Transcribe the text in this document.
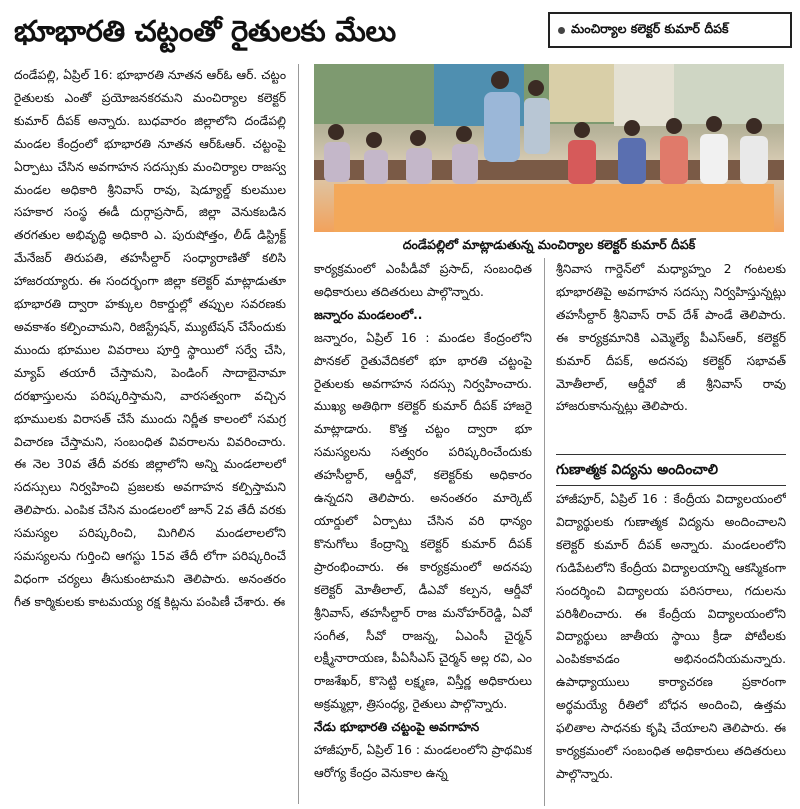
భూభారతి చట్టంతో రైతులకు మేలు	మంచిర్యాల కలెక్టర్ కుమార్ దీపక్

దండేపల్లి, ఏప్రిల్ 16: భూభారతి నూతన ఆర్ఓ ఆర్. చట్టం రైతులకు ఎంతో ప్రయోజనకరమని మంచిర్యాల కలెక్టర్ కుమార్ దీపక్ అన్నారు. బుధవారం జిల్లాలోని దండేపల్లి మండల కేంద్రంలో భూభారతి నూతన ఆర్ఓఆర్. చట్టంపై ఏర్పాటు చేసిన అవగాహన సదస్సుకు మంచిర్యాల రాజస్వ మండల అధికారి శ్రీనివాస్ రావు, షెడ్యూల్డ్ కులముల సహకార సంస్థ ఈడీ దుర్గాప్రసాద్, జిల్లా వెనుకబడిన తరగతుల అభివృద్ధి అధికారి ఎ. పురుషోత్తం, లీడ్ డిస్ట్రిక్ట్ మేనేజర్ తిరుపతి, తహసీల్దార్ సంధ్యారాణితో కలిసి హాజరయ్యారు. ఈ సందర్భంగా జిల్లా కలెక్టర్ మాట్లాడుతూ భూభారతి ద్వారా హక్కుల రికార్డుల్లో తప్పుల సవరణకు అవకాశం కల్పించామని, రిజిస్ట్రేషన్, మ్యుటేషన్ చేసేందుకు ముందు భూముల వివరాలు పూర్తి స్థాయిలో సర్వే చేసి, మ్యాప్ తయారీ చేస్తామని, పెండింగ్ సాదాబైనామా దరఖాస్తులను పరిష్కరిస్తామని, వారసత్వంగా వచ్చిన భూములకు విరాసత్ చేసే ముందు నిర్ణీత కాలంలో సమగ్ర విచారణ చేస్తామని, సంబంధిత వివరాలను వివరించారు. ఈ నెల 30వ తేదీ వరకు జిల్లాలోని అన్ని మండలాలలో సదస్సులు నిర్వహించి ప్రజలకు అవగాహన కల్పిస్తామని తెలిపారు. ఎంపిక చేసిన మండలంలో జూన్ 2వ తేదీ వరకు సమస్యల పరిష్కరించి, మిగిలిన మండలాలలోని సమస్యలను గుర్తించి ఆగస్టు 15వ తేదీ లోగా పరిష్కరించే విధంగా చర్యలు తీసుకుంటామని తెలిపారు. అనంతరం గీత కార్మికులకు కాటమయ్య రక్ష కిట్లను పంపిణీ చేశారు. ఈ

దండేపల్లిలో మాట్లాడుతున్న మంచిర్యాల కలెక్టర్ కుమార్ దీపక్

కార్యక్రమంలో ఎంపీడీవో ప్రసాద్, సంబంధిత అధికారులు తదితరులు పాల్గొన్నారు.

జన్నారం మండలంలో..

జన్నారం, ఏప్రిల్ 16 : మండల కేంద్రంలోని పొనకల్ రైతువేదికలో భూ భారతి చట్టంపై రైతులకు అవగాహన సదస్సు నిర్వహించారు. ముఖ్య అతిథిగా కలెక్టర్ కుమార్ దీపక్ హాజరై మాట్లాడారు. కొత్త చట్టం ద్వారా భూ సమస్యలను సత్వరం పరిష్కరించేందుకు తహసీల్దార్, ఆర్డీవో, కలెక్టర్‌కు అధికారం ఉన్నదని తెలిపారు. అనంతరం మార్కెట్ యార్డులో ఏర్పాటు చేసిన వరి ధాన్యం కొనుగోలు కేంద్రాన్ని కలెక్టర్ కుమార్ దీపక్ ప్రారంభించారు. ఈ కార్యక్రమంలో అదనపు కలెక్టర్ మోతీలాల్, డీఎవో కల్పన, ఆర్డీవో శ్రీనివాస్, తహసీల్దార్ రాజ మనోహర్‌రెడ్డి, ఏవో సంగీత, సీవో రాజన్న, ఏఎంసీ చైర్మన్ లక్ష్మీనారాయణ, పీఏసీఎస్ చైర్మన్ అల్ల రవి, ఎం రాజశేఖర్, కొసెట్టి లక్ష్మణ, విస్తీర్ణ అధికారులు అక్రమ్మల్లా, త్రిసంధ్య, రైతులు పాల్గొన్నారు.

నేడు భూభారతి చట్టంపై అవగాహన

హాజీపూర్, ఏప్రిల్ 16 : మండలంలోని ప్రాథమిక ఆరోగ్య కేంద్రం వెనుకాల ఉన్న

శ్రీనివాస గార్డెన్‌లో మధ్యాహ్నం 2 గంటలకు భూభారతిపై అవగాహన సదస్సు నిర్వహిస్తున్నట్లు తహసీల్దార్ శ్రీనివాస్ రావ్ దేశ్ పాండే తెలిపారు. ఈ కార్యక్రమానికి ఎమ్మెల్యే పీఎస్ఆర్, కలెక్టర్ కుమార్ దీపక్, అదనపు కలెక్టర్ సభావత్ మోతీలాల్, ఆర్డీవో జీ శ్రీనివాస్ రావు హాజరుకానున్నట్లు తెలిపారు.

గుణాత్మక విద్యను అందించాలి

హాజీపూర్, ఏప్రిల్ 16 : కేంద్రీయ విద్యాలయంలో విద్యార్థులకు గుణాత్మక విద్యను అందించాలని కలెక్టర్ కుమార్ దీపక్ అన్నారు. మండలంలోని గుడిపేటలోని కేంద్రీయ విద్యాలయాన్ని ఆకస్మికంగా సందర్శించి విద్యాలయ పరిసరాలు, గదులను పరిశీలించారు. ఈ కేంద్రీయ విద్యాలయంలోని విద్యార్థులు జాతీయ స్థాయి క్రీడా పోటీలకు ఎంపికకావడం అభినందనీయమన్నారు. ఉపాధ్యాయులు కార్యాచరణ ప్రకారంగా అర్థమయ్యే రీతిలో బోధన అందించి, ఉత్తమ ఫలితాల సాధనకు కృషి చేయాలని తెలిపారు. ఈ కార్యక్రమంలో సంబంధిత అధికారులు తదితరులు పాల్గొన్నారు.
